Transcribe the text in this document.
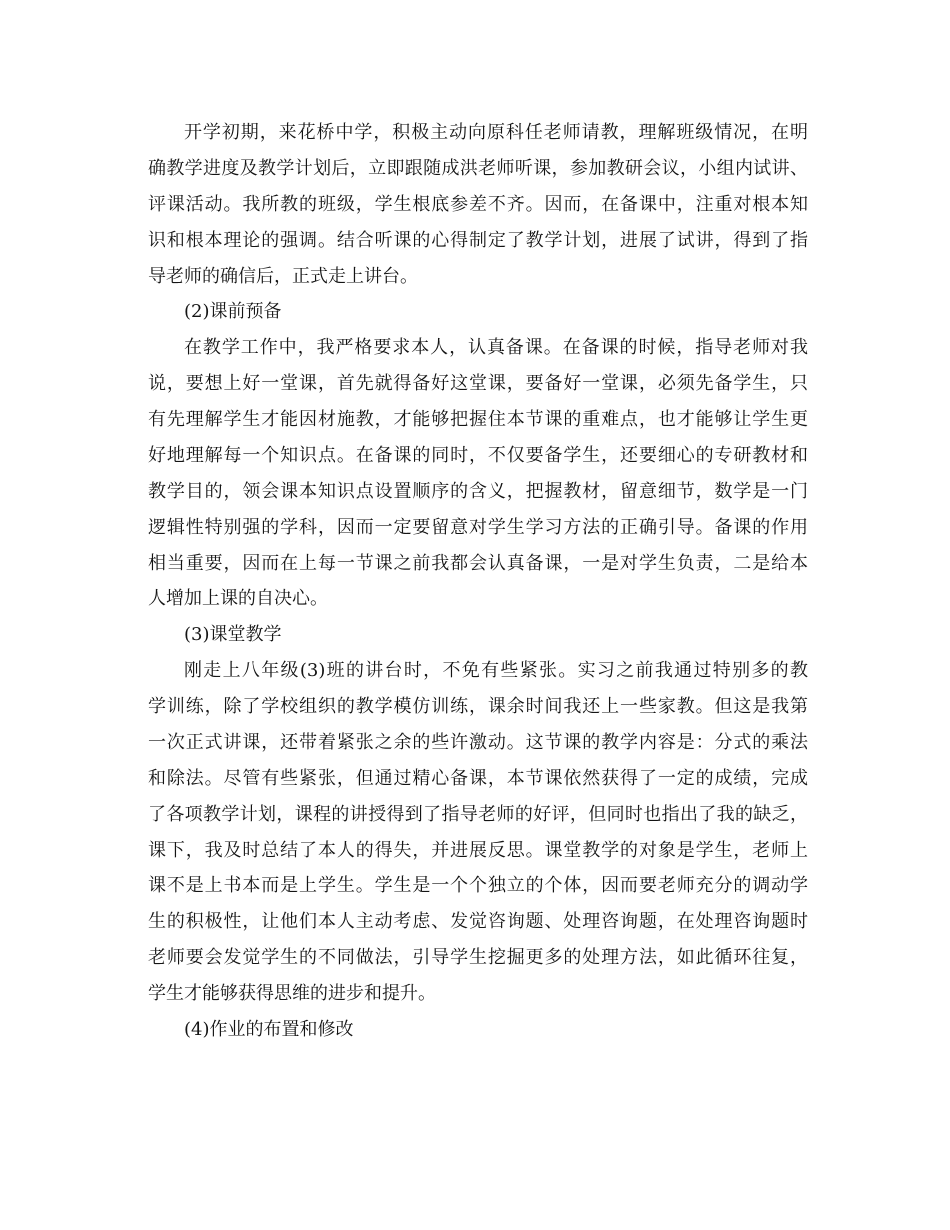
开学初期，来花桥中学，积极主动向原科任老师请教，理解班级情况，在明
确教学进度及教学计划后，立即跟随成洪老师听课，参加教研会议，小组内试讲、
评课活动。我所教的班级，学生根底参差不齐。因而，在备课中，注重对根本知
识和根本理论的强调。结合听课的心得制定了教学计划，进展了试讲，得到了指
导老师的确信后，正式走上讲台。
(2)课前预备
在教学工作中，我严格要求本人，认真备课。在备课的时候，指导老师对我
说，要想上好一堂课，首先就得备好这堂课，要备好一堂课，必须先备学生，只
有先理解学生才能因材施教，才能够把握住本节课的重难点，也才能够让学生更
好地理解每一个知识点。在备课的同时，不仅要备学生，还要细心的专研教材和
教学目的，领会课本知识点设置顺序的含义，把握教材，留意细节，数学是一门
逻辑性特别强的学科，因而一定要留意对学生学习方法的正确引导。备课的作用
相当重要，因而在上每一节课之前我都会认真备课，一是对学生负责，二是给本
人增加上课的自决心。
(3)课堂教学
刚走上八年级(3)班的讲台时，不免有些紧张。实习之前我通过特别多的教
学训练，除了学校组织的教学模仿训练，课余时间我还上一些家教。但这是我第
一次正式讲课，还带着紧张之余的些许激动。这节课的教学内容是：分式的乘法
和除法。尽管有些紧张，但通过精心备课，本节课依然获得了一定的成绩，完成
了各项教学计划，课程的讲授得到了指导老师的好评，但同时也指出了我的缺乏，
课下，我及时总结了本人的得失，并进展反思。课堂教学的对象是学生，老师上
课不是上书本而是上学生。学生是一个个独立的个体，因而要老师充分的调动学
生的积极性，让他们本人主动考虑、发觉咨询题、处理咨询题，在处理咨询题时
老师要会发觉学生的不同做法，引导学生挖掘更多的处理方法，如此循环往复，
学生才能够获得思维的进步和提升。
(4)作业的布置和修改
